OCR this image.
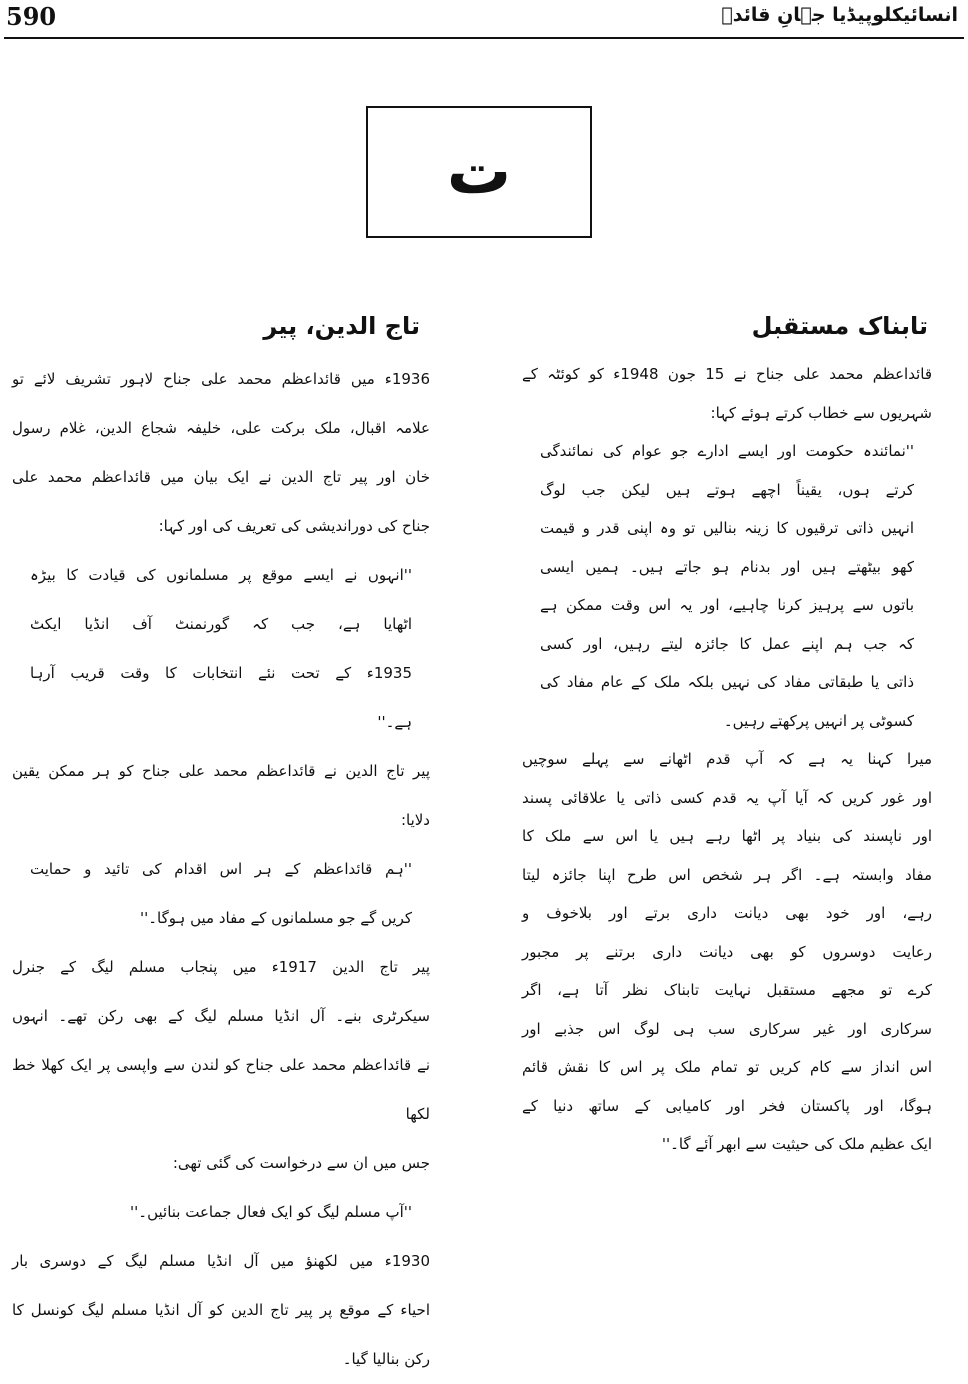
590	انسائیکلوپیڈیا جہانِ قائدؒ
ت
تابناک مستقبل
تاج الدین، پیر
قائداعظم محمد علی جناح نے 15 جون 1948ء کو کوئٹہ کے
شہریوں سے خطاب کرتے ہوئے کہا:
''نمائندہ حکومت اور ایسے ادارے جو عوام کی نمائندگی
کرتے ہوں، یقیناً اچھے ہوتے ہیں لیکن جب لوگ
انہیں ذاتی ترقیوں کا زینہ بنالیں تو وہ اپنی قدر و قیمت
کھو بیٹھتے ہیں اور بدنام ہو جاتے ہیں۔ ہمیں ایسی
باتوں سے پرہیز کرنا چاہیے، اور یہ اس وقت ممکن ہے
کہ جب ہم اپنے عمل کا جائزہ لیتے رہیں، اور کسی
ذاتی یا طبقاتی مفاد کی نہیں بلکہ ملک کے عام مفاد کی
کسوٹی پر انہیں پرکھتے رہیں۔
میرا کہنا یہ ہے کہ آپ قدم اٹھانے سے پہلے سوچیں
اور غور کریں کہ آیا آپ یہ قدم کسی ذاتی یا علاقائی پسند
اور ناپسند کی بنیاد پر اٹھا رہے ہیں یا اس سے ملک کا
مفاد وابستہ ہے۔ اگر ہر شخص اس طرح اپنا جائزہ لیتا
رہے، اور خود بھی دیانت داری برتے اور بلاخوف و
رعایت دوسروں کو بھی دیانت داری برتنے پر مجبور
کرے تو مجھے مستقبل نہایت تابناک نظر آتا ہے، اگر
سرکاری اور غیر سرکاری سب ہی لوگ اس جذبے اور
اس انداز سے کام کریں تو تمام ملک پر اس کا نقش قائم
ہوگا، اور پاکستان فخر اور کامیابی کے ساتھ دنیا کے
ایک عظیم ملک کی حیثیت سے ابھر آئے گا۔''
1936ء میں قائداعظم محمد علی جناح لاہور تشریف لائے تو
علامہ اقبال، ملک برکت علی، خلیفہ شجاع الدین، غلام رسول
خان اور پیر تاج الدین نے ایک بیان میں قائداعظم محمد علی
جناح کی دوراندیشی کی تعریف کی اور کہا:
''انہوں نے ایسے موقع پر مسلمانوں کی قیادت کا بیڑہ
اٹھایا ہے، جب کہ گورنمنٹ آف انڈیا ایکٹ
1935ء کے تحت نئے انتخابات کا وقت قریب آرہا
ہے۔''
پیر تاج الدین نے قائداعظم محمد علی جناح کو ہر ممکن یقین
دلایا:
''ہم قائداعظم کے ہر اس اقدام کی تائید و حمایت
کریں گے جو مسلمانوں کے مفاد میں ہوگا۔''
پیر تاج الدین 1917ء میں پنجاب مسلم لیگ کے جنرل
سیکرٹری بنے۔ آل انڈیا مسلم لیگ کے بھی رکن تھے۔ انہوں
نے قائداعظم محمد علی جناح کو لندن سے واپسی پر ایک کھلا خط لکھا
جس میں ان سے درخواست کی گئی تھی:
''آپ مسلم لیگ کو ایک فعال جماعت بنائیں۔''
1930ء میں لکھنؤ میں آل انڈیا مسلم لیگ کے دوسری بار
احیاء کے موقع پر پیر تاج الدین کو آل انڈیا مسلم لیگ کونسل کا
رکن بنالیا گیا۔
